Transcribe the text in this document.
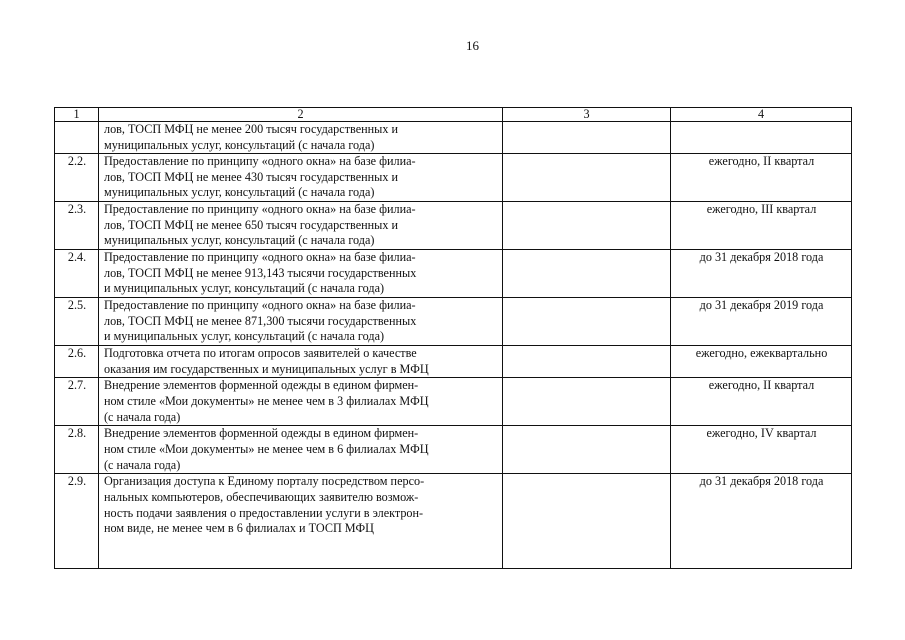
16
1	2	3	4
	лов, ТОСП МФЦ не менее 200 тысяч государственных и
муниципальных услуг, консультаций (с начала года)		
2.2.	Предоставление по принципу «одного окна» на базе филиа-
лов, ТОСП МФЦ не менее 430 тысяч государственных и
муниципальных услуг, консультаций (с начала года)		ежегодно, II квартал
2.3.	Предоставление по принципу «одного окна» на базе филиа-
лов, ТОСП МФЦ не менее 650 тысяч государственных и
муниципальных услуг, консультаций (с начала года)		ежегодно, III квартал
2.4.	Предоставление по принципу «одного окна» на базе филиа-
лов, ТОСП МФЦ не менее 913,143 тысячи государственных
и муниципальных услуг, консультаций (с начала года)		до 31 декабря 2018 года
2.5.	Предоставление по принципу «одного окна» на базе филиа-
лов, ТОСП МФЦ не менее 871,300 тысячи государственных
и муниципальных услуг, консультаций (с начала года)		до 31 декабря 2019 года
2.6.	Подготовка отчета по итогам опросов заявителей о качестве
оказания им государственных и муниципальных услуг в МФЦ		ежегодно, ежеквартально
2.7.	Внедрение элементов форменной одежды в едином фирмен-
ном стиле «Мои документы» не менее чем в 3 филиалах МФЦ
(с начала года)		ежегодно, II квартал
2.8.	Внедрение элементов форменной одежды в едином фирмен-
ном стиле «Мои документы» не менее чем в 6 филиалах МФЦ
(с начала года)		ежегодно, IV квартал
2.9.	Организация доступа к Единому порталу посредством персо-
нальных компьютеров, обеспечивающих заявителю возмож-
ность подачи заявления о предоставлении услуги в электрон-
ном виде, не менее чем в 6 филиалах и ТОСП МФЦ		до 31 декабря 2018 года
